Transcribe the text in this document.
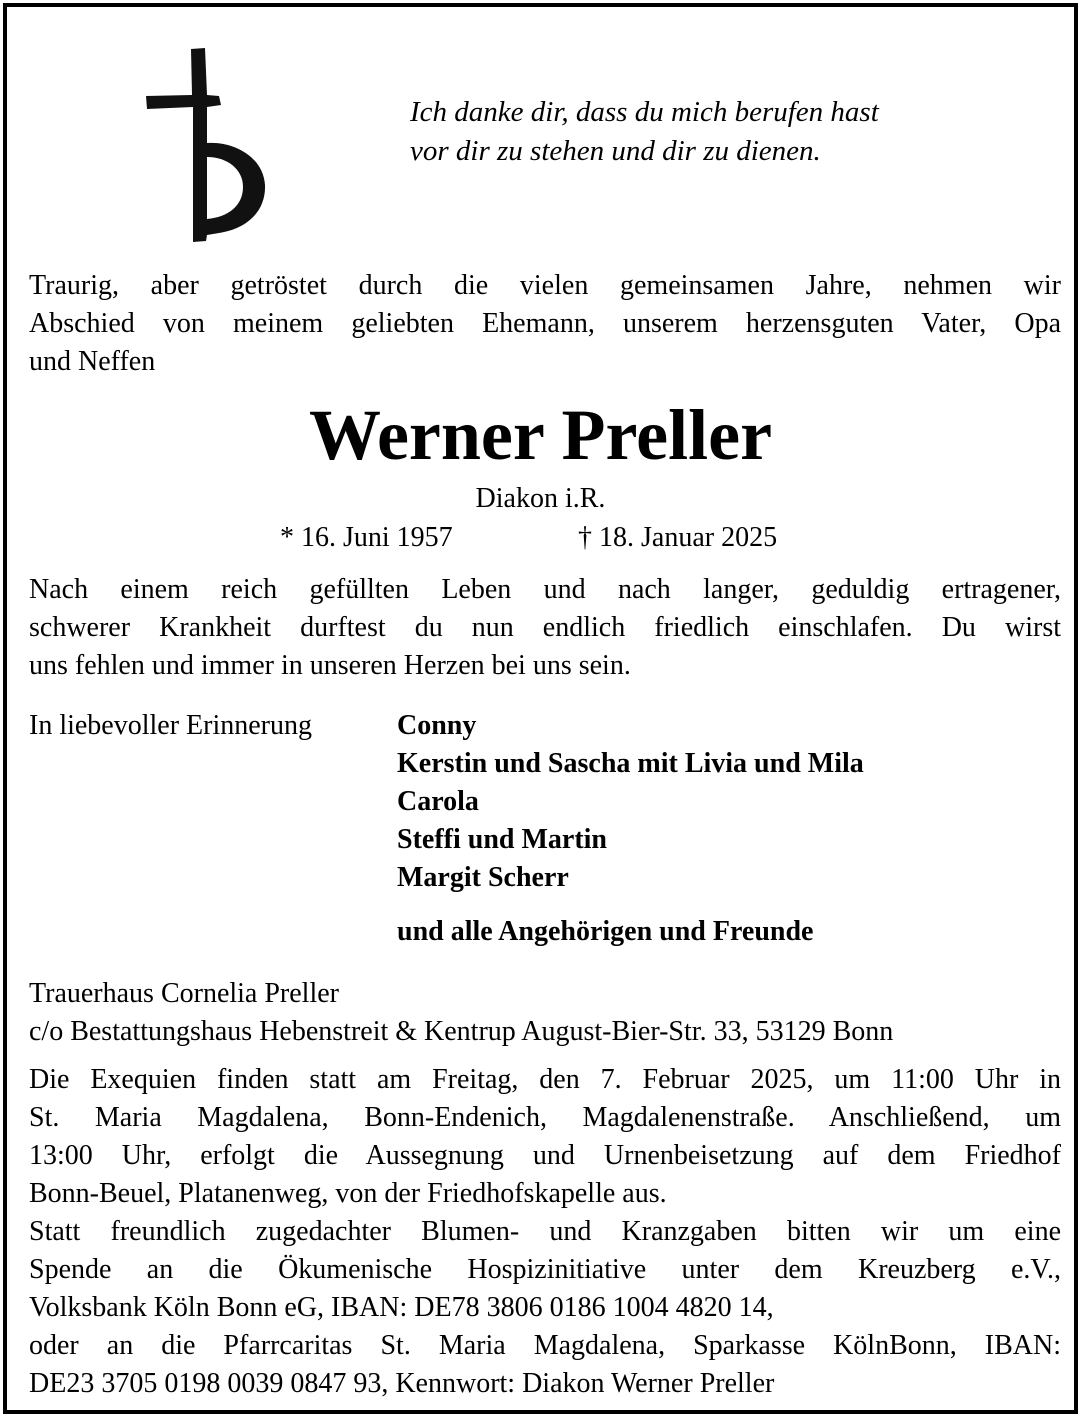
Ich danke dir, dass du mich berufen hast
vor dir zu stehen und dir zu dienen.
Traurig, aber getröstet durch die vielen gemeinsamen Jahre, nehmen wir
Abschied von meinem geliebten Ehemann, unserem herzensguten Vater, Opa
und Neffen
Werner Preller
Diakon i.R.
* 16. Juni 1957	† 18. Januar 2025
Nach einem reich gefüllten Leben und nach langer, geduldig ertragener,
schwerer Krankheit durftest du nun endlich friedlich einschlafen. Du wirst
uns fehlen und immer in unseren Herzen bei uns sein.
In liebevoller Erinnerung	Conny
Kerstin und Sascha mit Livia und Mila
Carola
Steffi und Martin
Margit Scherr
und alle Angehörigen und Freunde
Trauerhaus Cornelia Preller
c/o Bestattungshaus Hebenstreit & Kentrup August-Bier-Str. 33, 53129 Bonn
Die Exequien finden statt am Freitag, den 7. Februar 2025, um 11:00 Uhr in
St. Maria Magdalena, Bonn-Endenich, Magdalenenstraße. Anschließend, um
13:00 Uhr, erfolgt die Aussegnung und Urnenbeisetzung auf dem Friedhof
Bonn-Beuel, Platanenweg, von der Friedhofskapelle aus.
Statt freundlich zugedachter Blumen- und Kranzgaben bitten wir um eine
Spende an die Ökumenische Hospizinitiative unter dem Kreuzberg e.V.,
Volksbank Köln Bonn eG, IBAN: DE78 3806 0186 1004 4820 14,
oder an die Pfarrcaritas St. Maria Magdalena, Sparkasse KölnBonn, IBAN:
DE23 3705 0198 0039 0847 93, Kennwort: Diakon Werner Preller
